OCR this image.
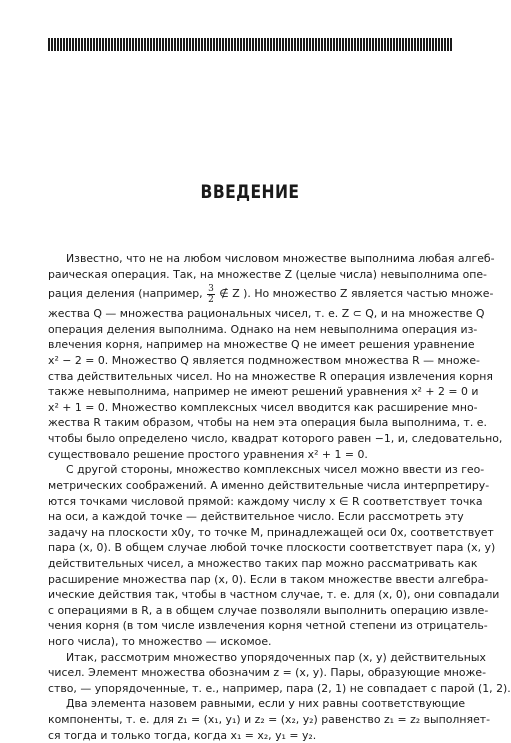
ВВЕДЕНИЕ
Известно, что не на любом числовом множестве выполнима любая алгеб-
раическая операция. Так, на множестве Z (целые числа) невыполнима опе-
рация деления (например, $\frac{3}{2}$ ∉ Z ). Но множество Z является частью множе-
жества Q — множества рациональных чисел, т. е. Z ⊂ Q, и на множестве Q
операция деления выполнима. Однако на нем невыполнима операция из-
влечения корня, например на множестве Q не имеет решения уравнение
x² − 2 = 0. Множество Q является подмножеством множества R — множе-
ства действительных чисел. Но на множестве R операция извлечения корня
также невыполнима, например не имеют решений уравнения x² + 2 = 0 и
x² + 1 = 0. Множество комплексных чисел вводится как расширение мно-
жества R таким образом, чтобы на нем эта операция была выполнима, т. е.
чтобы было определено число, квадрат которого равен −1, и, следовательно,
существовало решение простого уравнения x² + 1 = 0.
С другой стороны, множество комплексных чисел можно ввести из гео-
метрических соображений. А именно действительные числа интерпретиру-
ются точками числовой прямой: каждому числу x ∈ R соответствует точка
на оси, а каждой точке — действительное число. Если рассмотреть эту
задачу на плоскости x0y, то точке M, принадлежащей оси 0x, соответствует
пара (x, 0). В общем случае любой точке плоскости соответствует пара (x, y)
действительных чисел, а множество таких пар можно рассматривать как
расширение множества пар (x, 0). Если в таком множестве ввести алгебра-
ические действия так, чтобы в частном случае, т. е. для (x, 0), они совпадали
с операциями в R, а в общем случае позволяли выполнить операцию извле-
чения корня (в том числе извлечения корня четной степени из отрицатель-
ного числа), то множество — искомое.
Итак, рассмотрим множество упорядоченных пар (x, y) действительных
чисел. Элемент множества обозначим z = (x, y). Пары, образующие множе-
ство, — упорядоченные, т. е., например, пара (2, 1) не совпадает с парой (1, 2).
Два элемента назовем равными, если у них равны соответствующие
компоненты, т. е. для z₁ = (x₁, y₁) и z₂ = (x₂, y₂) равенство z₁ = z₂ выполняет-
ся тогда и только тогда, когда x₁ = x₂, y₁ = y₂.
